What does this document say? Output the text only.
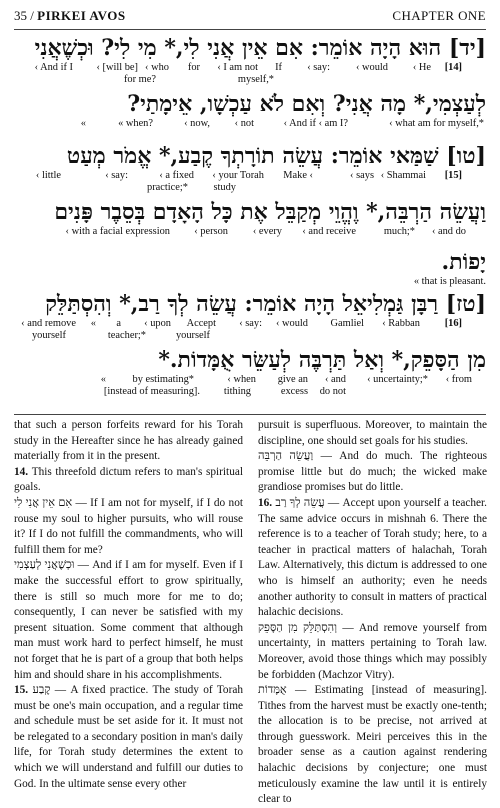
35 / PIRKEI AVOS	CHAPTER ONE
[יד] הוּא הָיָה אוֹמֵר: אִם אֵין אֲנִי לִי,* מִי לִי? וּכְשֶׁאֲנִי
[14]
‹ He
‹ would
‹ say:
If
‹ I am not
for
‹ who
‹ [will be]
‹ And if I
myself,*
for me?
לְעַצְמִי,* מָה אֲנִי? וְאִם לֹא עַכְשָׁו, אֵימָתַי?
‹ what am for myself,*
‹ And if ‹ am I?
‹ not
‹ now,
« when?
«
[טו] שַׁמַּאי אוֹמֵר: עֲשֵׂה תוֹרָתְךָ קֶבַע,* אֱמֹר מְעַט
[15]
‹ Shammai
‹ says
Make ‹
‹ your Torah
‹ a fixed
‹ say:
‹ little
study
practice;*
וַעֲשֵׂה הַרְבֵּה,* וֶהֱוֵי מְקַבֵּל אֶת כָּל הָאָדָם בְּסֵבֶר פָּנִים
‹ and do
much;*
‹ and receive
‹ every
‹ person
‹ with a facial expression
יָפוֹת.
« that is pleasant.
[טז] רַבָּן גַּמְלִיאֵל הָיָה אוֹמֵר: עֲשֵׂה לְךָ רַב,* וְהִסְתַּלֵּק
[16]
‹ Rabban
Gamliel
‹ would
‹ say:
Accept
‹ upon
a
«
‹ and remove
yourself
teacher;*
yourself
מִן הַסָּפֵק,* וְאַל תַּרְבֶּה לְעַשֵּׂר אֻמָּדוֹת.*
‹ from
‹ uncertainty;*
‹ and
give an
‹ when
by estimating*
«
do not
excess
tithing
[instead of measuring].

that such a person forfeits reward for his Torah study in the Hereafter since he has already gained materially from it in the present.

14. This threefold dictum refers to man's spiritual goals.

אִם אֵין אֲנִי לִי — If I am not for myself, if I do not rouse my soul to higher pursuits, who will rouse it? If I do not fulfill the commandments, who will fulfill them for me?

וּכְשֶׁאֲנִי לְעַצְמִי — And if I am for myself. Even if I make the successful effort to grow spiritually, there is still so much more for me to do; consequently, I can never be satisfied with my present situation. Some comment that although man must work hard to perfect himself, he must not forget that he is part of a group that both helps him and should share in his accomplishments.

15. קֶבַע — A fixed practice. The study of Torah must be one's main occupation, and a regular time and schedule must be set aside for it. It must not be relegated to a secondary position in man's daily life, for Torah study determines the extent to which we will understand and fulfill our duties to God. In the ultimate sense every other

pursuit is superfluous. Moreover, to maintain the discipline, one should set goals for his studies.

וַעֲשֵׂה הַרְבֵּה — And do much. The righteous promise little but do much; the wicked make grandiose promises but do little.

16. עֲשֵׂה לְךָ רַב — Accept upon yourself a teacher. The same advice occurs in mishnah 6. There the reference is to a teacher of Torah study; here, to a teacher in practical matters of halachah, Torah Law. Alternatively, this dictum is addressed to one who is himself an authority; even he needs another authority to consult in matters of practical halachic decisions.

וְהִסְתַּלֵּק מִן הַסָּפֵק — And remove yourself from uncertainty, in matters pertaining to Torah law. Moreover, avoid those things which may possibly be forbidden (Machzor Vitry).

אֻמָּדוֹת — Estimating [instead of measuring]. Tithes from the harvest must be exactly one-tenth; the allocation is to be precise, not arrived at through guesswork. Meiri perceives this in the broader sense as a caution against rendering halachic decisions by conjecture; one must meticulously examine the law until it is entirely clear to
